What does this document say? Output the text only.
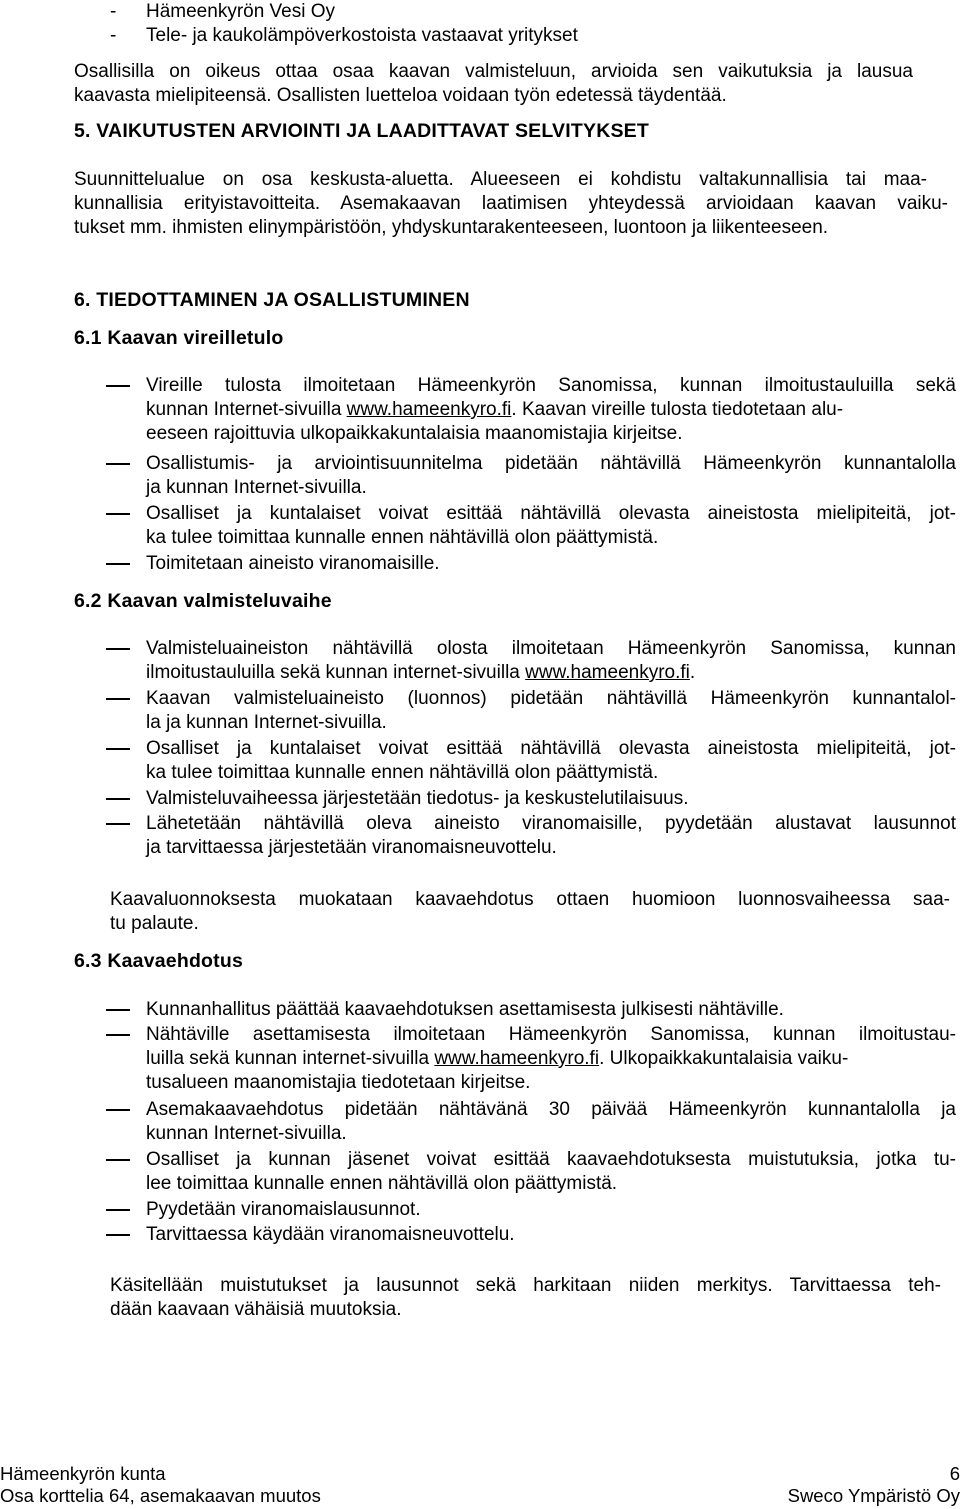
- Hämeenkyrön Vesi Oy
- Tele- ja kaukolämpöverkostoista vastaavat yritykset
Osallisilla on oikeus ottaa osaa kaavan valmisteluun, arvioida sen vaikutuksia ja lausua
kaavasta mielipiteensä. Osallisten luetteloa voidaan työn edetessä täydentää.
5. VAIKUTUSTEN ARVIOINTI JA LAADITTAVAT SELVITYKSET
Suunnittelualue on osa keskusta-aluetta. Alueeseen ei kohdistu valtakunnallisia tai maa-
kunnallisia erityistavoitteita. Asemakaavan laatimisen yhteydessä arvioidaan kaavan vaiku-
tukset mm. ihmisten elinympäristöön, yhdyskuntarakenteeseen, luontoon ja liikenteeseen.
6. TIEDOTTAMINEN JA OSALLISTUMINEN
6.1 Kaavan vireilletulo
Vireille tulosta ilmoitetaan Hämeenkyrön Sanomissa, kunnan ilmoitustauluilla sekä
kunnan Internet-sivuilla www.hameenkyro.fi. Kaavan vireille tulosta tiedotetaan alu-
eeseen rajoittuvia ulkopaikkakuntalaisia maanomistajia kirjeitse.
Osallistumis- ja arviointisuunnitelma pidetään nähtävillä Hämeenkyrön kunnantalolla
ja kunnan Internet-sivuilla.
Osalliset ja kuntalaiset voivat esittää nähtävillä olevasta aineistosta mielipiteitä, jot-
ka tulee toimittaa kunnalle ennen nähtävillä olon päättymistä.
Toimitetaan aineisto viranomaisille.
6.2 Kaavan valmisteluvaihe
Valmisteluaineiston nähtävillä olosta ilmoitetaan Hämeenkyrön Sanomissa, kunnan
ilmoitustauluilla sekä kunnan internet-sivuilla www.hameenkyro.fi.
Kaavan valmisteluaineisto (luonnos) pidetään nähtävillä Hämeenkyrön kunnantalol-
la ja kunnan Internet-sivuilla.
Osalliset ja kuntalaiset voivat esittää nähtävillä olevasta aineistosta mielipiteitä, jot-
ka tulee toimittaa kunnalle ennen nähtävillä olon päättymistä.
Valmisteluvaiheessa järjestetään tiedotus- ja keskustelutilaisuus.
Lähetetään nähtävillä oleva aineisto viranomaisille, pyydetään alustavat lausunnot
ja tarvittaessa järjestetään viranomaisneuvottelu.
Kaavaluonnoksesta muokataan kaavaehdotus ottaen huomioon luonnosvaiheessa saa-
tu palaute.
6.3 Kaavaehdotus
Kunnanhallitus päättää kaavaehdotuksen asettamisesta julkisesti nähtäville.
Nähtäville asettamisesta ilmoitetaan Hämeenkyrön Sanomissa, kunnan ilmoitustau-
luilla sekä kunnan internet-sivuilla www.hameenkyro.fi. Ulkopaikkakuntalaisia vaiku-
tusalueen maanomistajia tiedotetaan kirjeitse.
Asemakaavaehdotus pidetään nähtävänä 30 päivää Hämeenkyrön kunnantalolla ja
kunnan Internet-sivuilla.
Osalliset ja kunnan jäsenet voivat esittää kaavaehdotuksesta muistutuksia, jotka tu-
lee toimittaa kunnalle ennen nähtävillä olon päättymistä.
Pyydetään viranomaislausunnot.
Tarvittaessa käydään viranomaisneuvottelu.
Käsitellään muistutukset ja lausunnot sekä harkitaan niiden merkitys. Tarvittaessa teh-
dään kaavaan vähäisiä muutoksia.
Hämeenkyrön kunta	6
Osa korttelia 64, asemakaavan muutos	Sweco Ympäristö Oy
